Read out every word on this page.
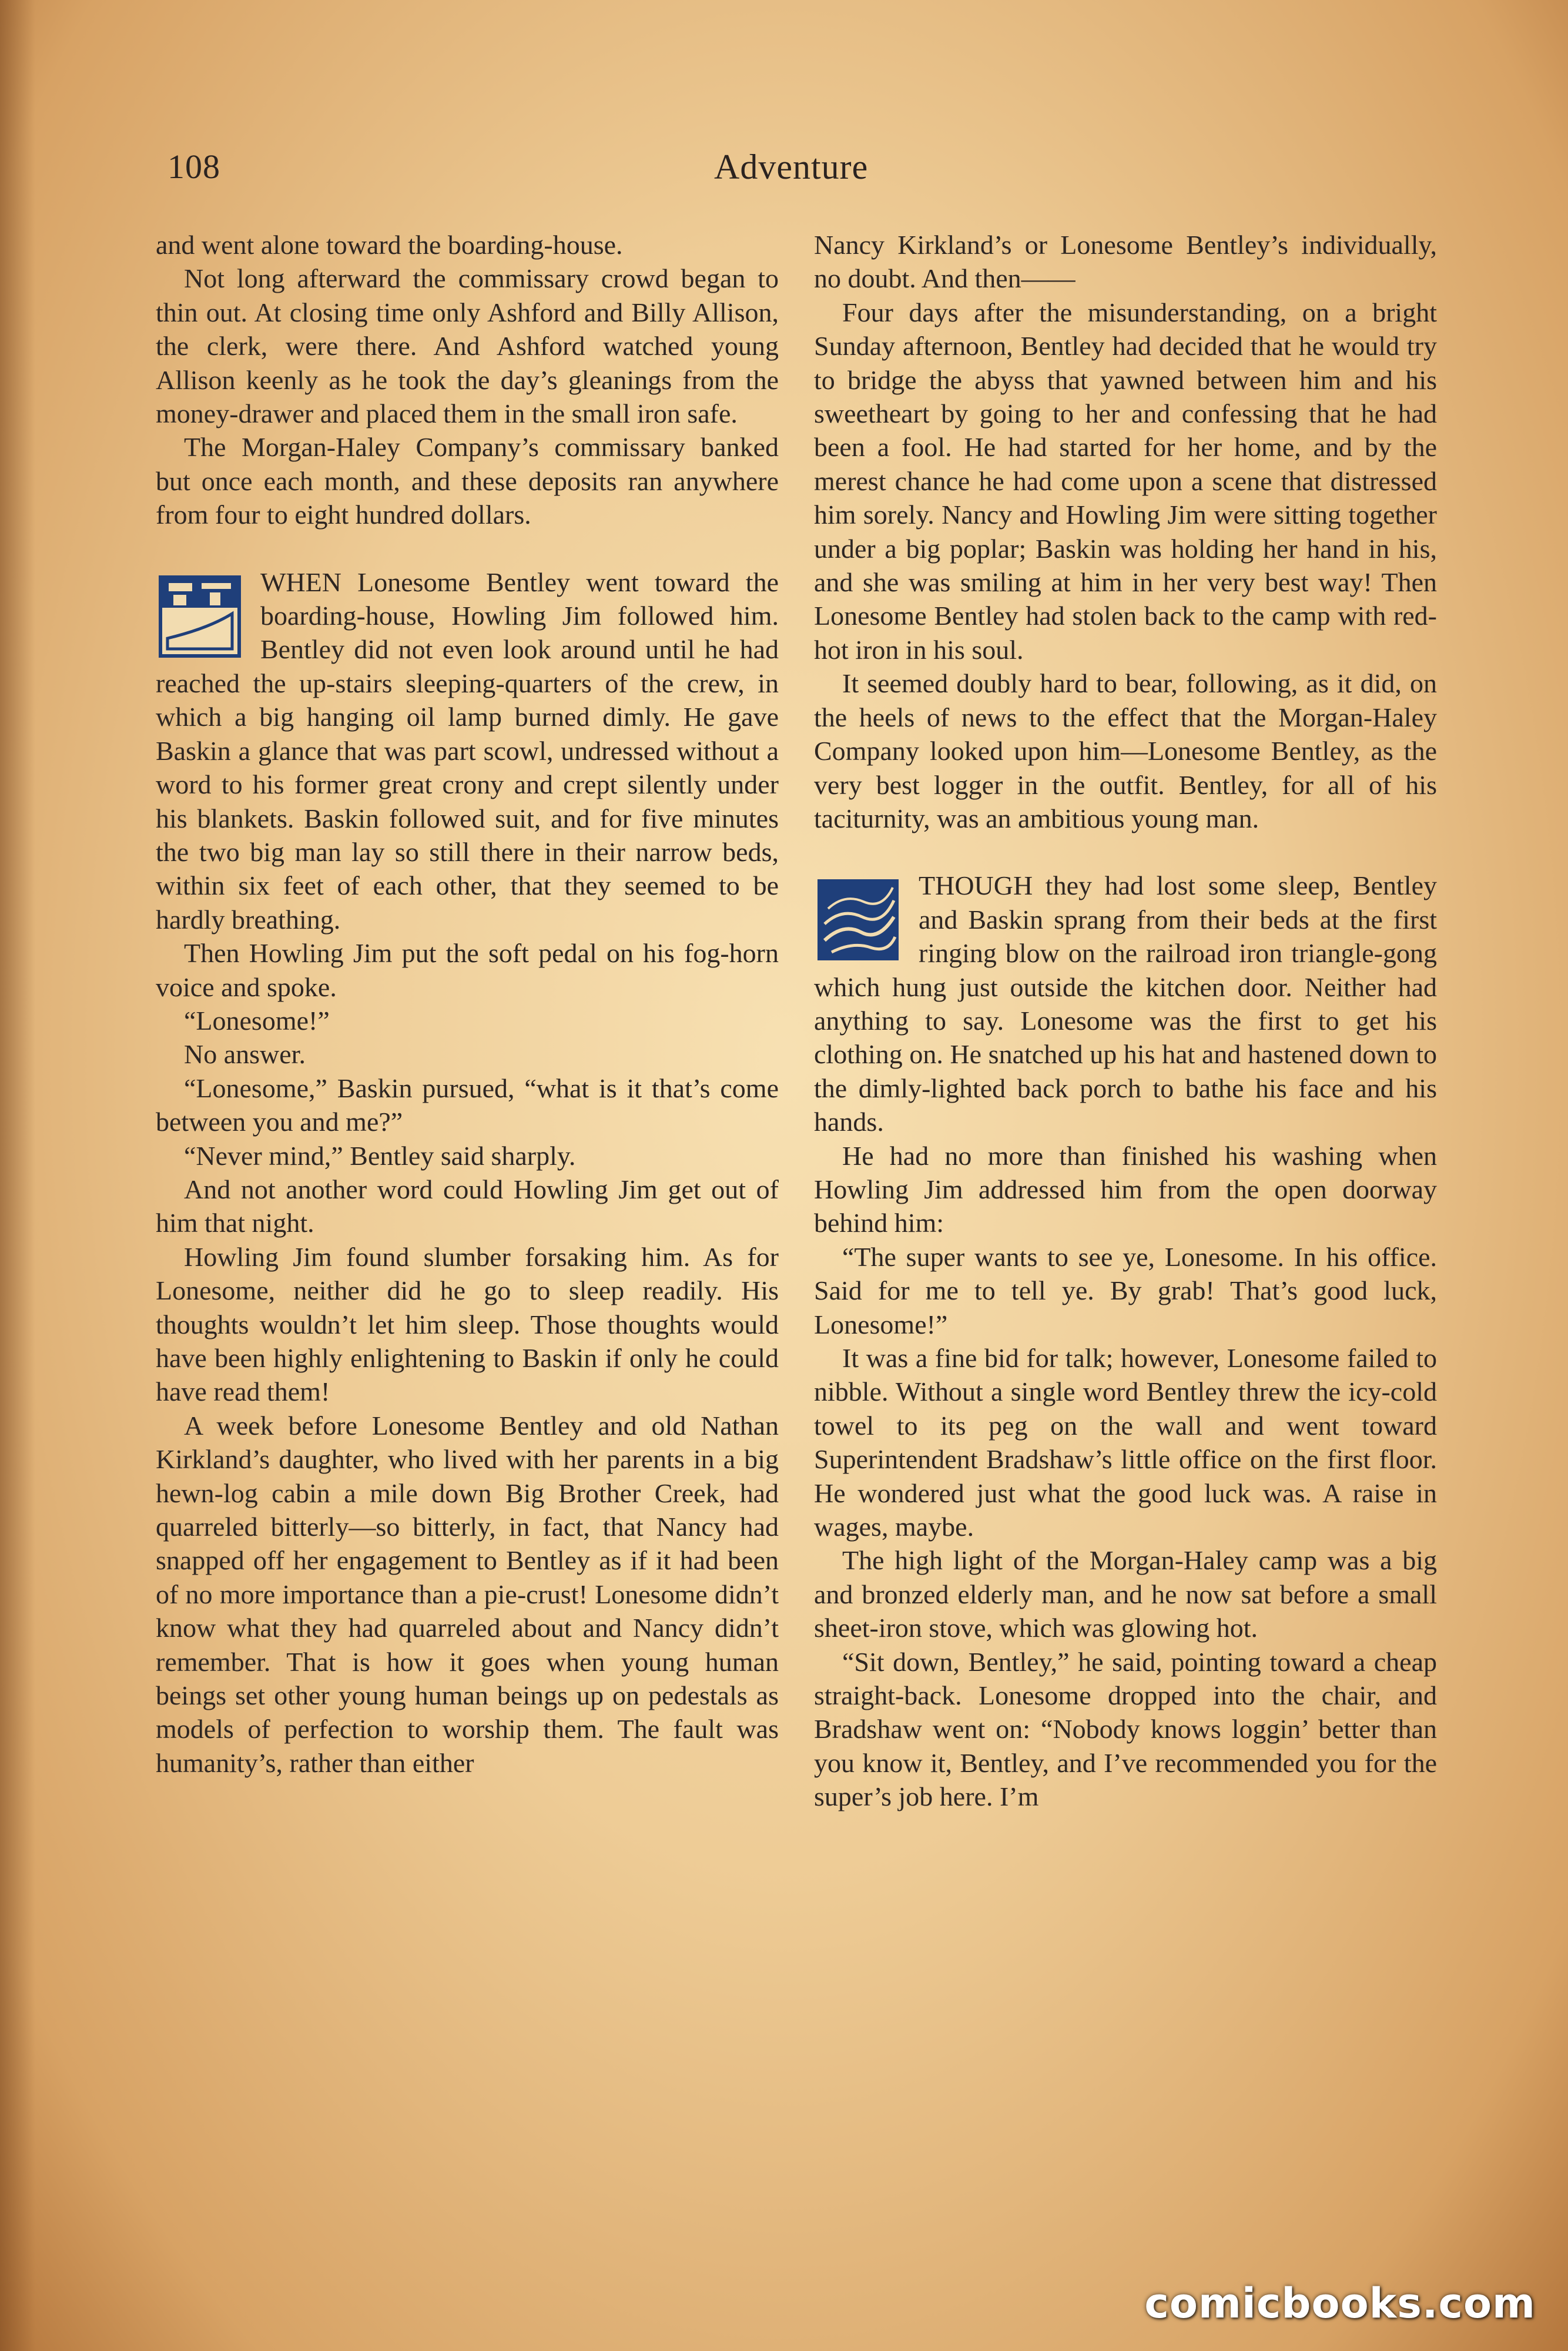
108	Adventure

and went alone toward the boarding-house.

Not long afterward the commissary crowd began to thin out. At closing time only Ashford and Billy Allison, the clerk, were there. And Ashford watched young Allison keenly as he took the day’s gleanings from the money-drawer and placed them in the small iron safe.

The Morgan-Haley Company’s commissary banked but once each month, and these deposits ran anywhere from four to eight hundred dollars.

WHEN Lonesome Bentley went toward the boarding-house, Howling Jim followed him. Bentley did not even look around until he had reached the up-stairs sleeping-quarters of the crew, in which a big hanging oil lamp burned dimly. He gave Baskin a glance that was part scowl, undressed without a word to his former great crony and crept silently under his blankets. Baskin followed suit, and for five minutes the two big man lay so still there in their narrow beds, within six feet of each other, that they seemed to be hardly breathing.

Then Howling Jim put the soft pedal on his fog-horn voice and spoke.

“Lonesome!”

No answer.

“Lonesome,” Baskin pursued, “what is it that’s come between you and me?”

“Never mind,” Bentley said sharply.

And not another word could Howling Jim get out of him that night.

Howling Jim found slumber forsaking him. As for Lonesome, neither did he go to sleep readily. His thoughts wouldn’t let him sleep. Those thoughts would have been highly enlightening to Baskin if only he could have read them!

A week before Lonesome Bentley and old Nathan Kirkland’s daughter, who lived with her parents in a big hewn-log cabin a mile down Big Brother Creek, had quarreled bitterly—so bitterly, in fact, that Nancy had snapped off her engagement to Bentley as if it had been of no more importance than a pie-crust! Lonesome didn’t know what they had quarreled about and Nancy didn’t remember. That is how it goes when young human beings set other young human beings up on pedestals as models of perfection to worship them. The fault was humanity’s, rather than either

Nancy Kirkland’s or Lonesome Bentley’s individually, no doubt. And then——

Four days after the misunderstanding, on a bright Sunday afternoon, Bentley had decided that he would try to bridge the abyss that yawned between him and his sweetheart by going to her and confessing that he had been a fool. He had started for her home, and by the merest chance he had come upon a scene that distressed him sorely. Nancy and Howling Jim were sitting together under a big poplar; Baskin was holding her hand in his, and she was smiling at him in her very best way! Then Lonesome Bentley had stolen back to the camp with red-hot iron in his soul.

It seemed doubly hard to bear, following, as it did, on the heels of news to the effect that the Morgan-Haley Company looked upon him—Lonesome Bentley, as the very best logger in the outfit. Bentley, for all of his taciturnity, was an ambitious young man.

THOUGH they had lost some sleep, Bentley and Baskin sprang from their beds at the first ringing blow on the railroad iron triangle-gong which hung just outside the kitchen door. Neither had anything to say. Lonesome was the first to get his clothing on. He snatched up his hat and hastened down to the dimly-lighted back porch to bathe his face and his hands.

He had no more than finished his washing when Howling Jim addressed him from the open doorway behind him:

“The super wants to see ye, Lonesome. In his office. Said for me to tell ye. By grab! That’s good luck, Lonesome!”

It was a fine bid for talk; however, Lonesome failed to nibble. Without a single word Bentley threw the icy-cold towel to its peg on the wall and went toward Superintendent Bradshaw’s little office on the first floor. He wondered just what the good luck was. A raise in wages, maybe.

The high light of the Morgan-Haley camp was a big and bronzed elderly man, and he now sat before a small sheet-iron stove, which was glowing hot.

“Sit down, Bentley,” he said, pointing toward a cheap straight-back. Lonesome dropped into the chair, and Bradshaw went on: “Nobody knows loggin’ better than you know it, Bentley, and I’ve recommended you for the super’s job here. I’m

comicbooks.com
